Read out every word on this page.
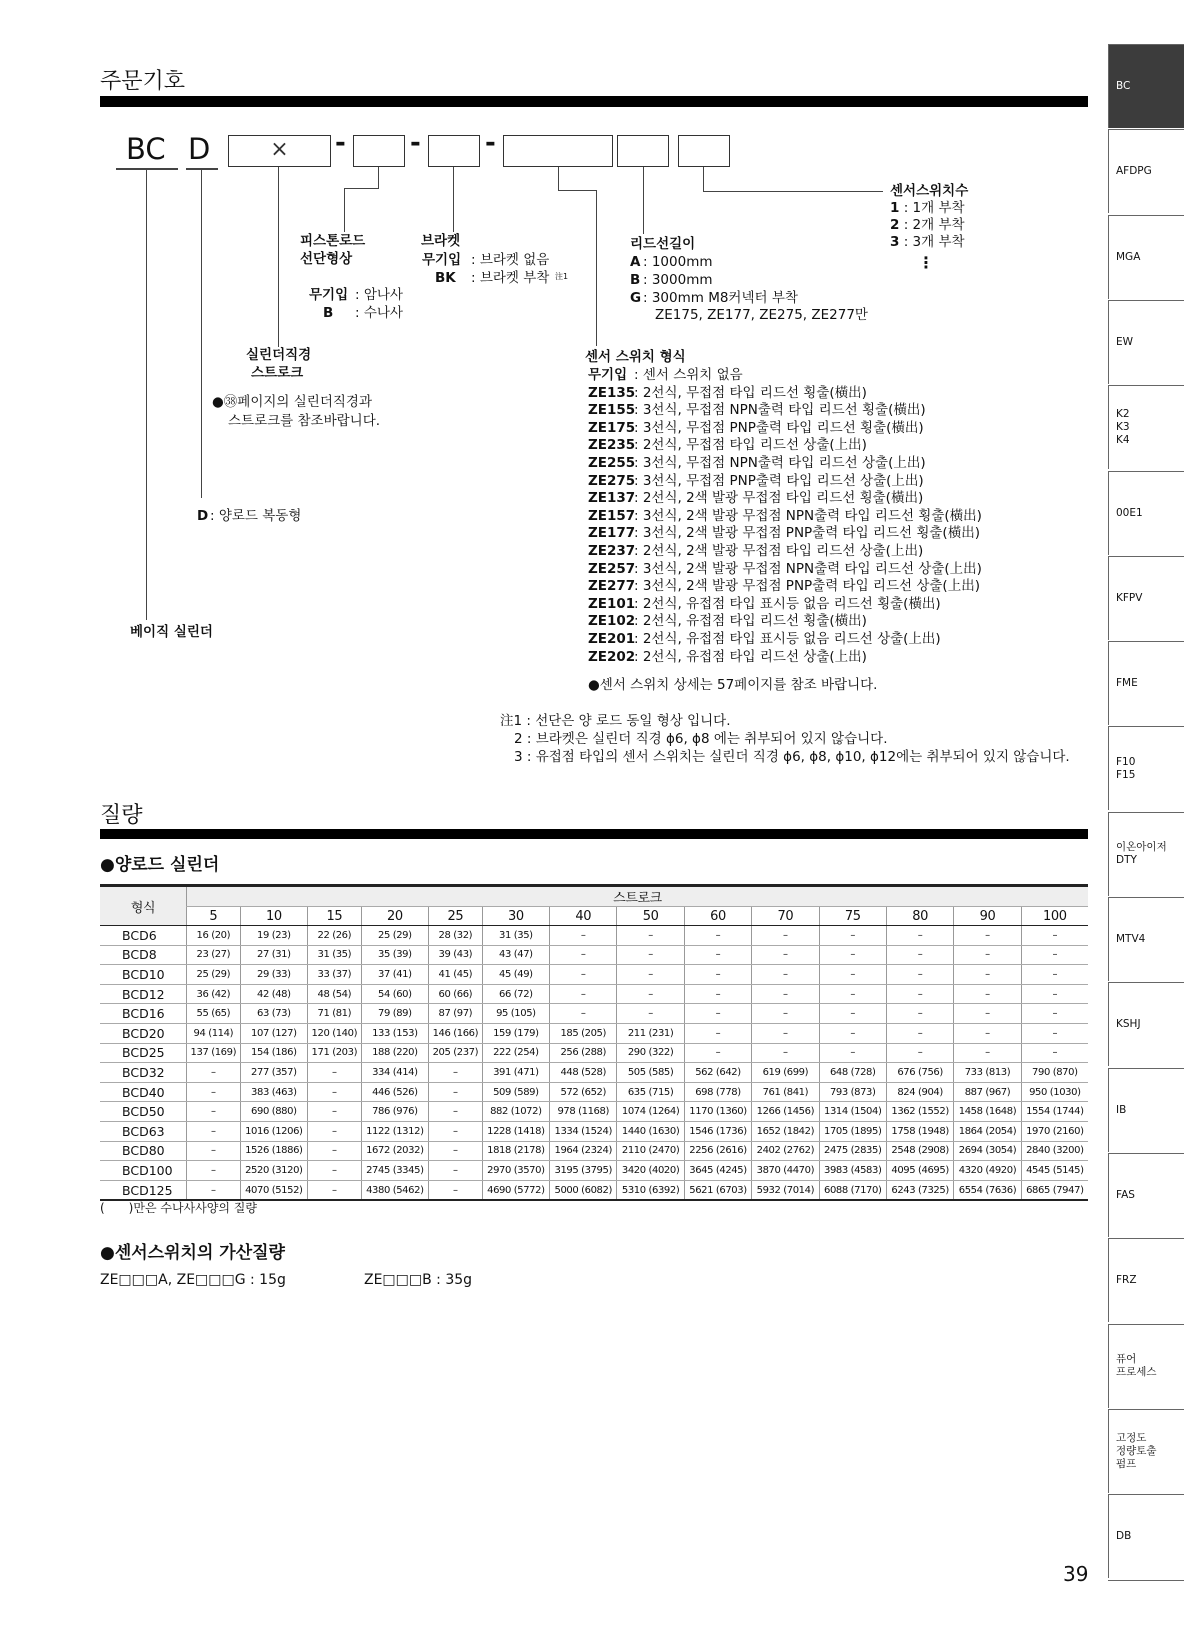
주문기호
BC D	×	- - -
피스톤로드
선단형상
무기입 : 암나사
B : 수나사
브라켓
무기입 : 브라켓 없음
BK : 브라켓 부착 注1
리드선길이
A : 1000mm
B : 3000mm
G : 300mm M8커넥터 부착
ZE175, ZE177, ZE275, ZE277만
센서스위치수
1 : 1개 부착
2 : 2개 부착
3 : 3개 부착
⋮
실린더직경
스트로크
●㊳페이지의 실린더직경과
스트로크를 참조바랍니다.
D : 양로드 복동형
베이직 실린더
센서 스위치 형식
무기입 : 센서 스위치 없음
ZE135: 2선식, 무접점 타입 리드선 횡출(橫出)
ZE155: 3선식, 무접점 NPN출력 타입 리드선 횡출(橫出)
ZE175: 3선식, 무접점 PNP출력 타입 리드선 횡출(橫出)
ZE235: 2선식, 무접점 타입 리드선 상출(上出)
ZE255: 3선식, 무접점 NPN출력 타입 리드선 상출(上出)
ZE275: 3선식, 무접점 PNP출력 타입 리드선 상출(上出)
ZE137: 2선식, 2색 발광 무접점 타입 리드선 횡출(橫出)
ZE157: 3선식, 2색 발광 무접점 NPN출력 타입 리드선 횡출(橫出)
ZE177: 3선식, 2색 발광 무접점 PNP출력 타입 리드선 횡출(橫出)
ZE237: 2선식, 2색 발광 무접점 타입 리드선 상출(上出)
ZE257: 3선식, 2색 발광 무접점 NPN출력 타입 리드선 상출(上出)
ZE277: 3선식, 2색 발광 무접점 PNP출력 타입 리드선 상출(上出)
ZE101: 2선식, 유접점 타입 표시등 없음 리드선 횡출(橫出)
ZE102: 2선식, 유접점 타입 리드선 횡출(橫出)
ZE201: 2선식, 유접점 타입 표시등 없음 리드선 상출(上出)
ZE202: 2선식, 유접점 타입 리드선 상출(上出)
●센서 스위치 상세는 57페이지를 참조 바랍니다.
注1 : 선단은 양 로드 동일 형상 입니다.
2 : 브라켓은 실린더 직경 ϕ6, ϕ8 에는 취부되어 있지 않습니다.
3 : 유접점 타입의 센서 스위치는 실린더 직경 ϕ6, ϕ8, ϕ10, ϕ12에는 취부되어 있지 않습니다.
질량
●양로드 실린더
형식	스트로크													
	5	10	15	20	25	30	40	50	60	70	75	80	90	100
BCD6	16 (20)	19 (23)	22 (26)	25 (29)	28 (32)	31 (35)	–	–	–	–	–	–	–	–
BCD8	23 (27)	27 (31)	31 (35)	35 (39)	39 (43)	43 (47)	–	–	–	–	–	–	–	–
BCD10	25 (29)	29 (33)	33 (37)	37 (41)	41 (45)	45 (49)	–	–	–	–	–	–	–	–
BCD12	36 (42)	42 (48)	48 (54)	54 (60)	60 (66)	66 (72)	–	–	–	–	–	–	–	–
BCD16	55 (65)	63 (73)	71 (81)	79 (89)	87 (97)	95 (105)	–	–	–	–	–	–	–	–
BCD20	94 (114)	107 (127)	120 (140)	133 (153)	146 (166)	159 (179)	185 (205)	211 (231)	–	–	–	–	–	–
BCD25	137 (169)	154 (186)	171 (203)	188 (220)	205 (237)	222 (254)	256 (288)	290 (322)	–	–	–	–	–	–
BCD32	–	277 (357)	–	334 (414)	–	391 (471)	448 (528)	505 (585)	562 (642)	619 (699)	648 (728)	676 (756)	733 (813)	790 (870)
BCD40	–	383 (463)	–	446 (526)	–	509 (589)	572 (652)	635 (715)	698 (778)	761 (841)	793 (873)	824 (904)	887 (967)	950 (1030)
BCD50	–	690 (880)	–	786 (976)	–	882 (1072)	978 (1168)	1074 (1264)	1170 (1360)	1266 (1456)	1314 (1504)	1362 (1552)	1458 (1648)	1554 (1744)
BCD63	–	1016 (1206)	–	1122 (1312)	–	1228 (1418)	1334 (1524)	1440 (1630)	1546 (1736)	1652 (1842)	1705 (1895)	1758 (1948)	1864 (2054)	1970 (2160)
BCD80	–	1526 (1886)	–	1672 (2032)	–	1818 (2178)	1964 (2324)	2110 (2470)	2256 (2616)	2402 (2762)	2475 (2835)	2548 (2908)	2694 (3054)	2840 (3200)
BCD100	–	2520 (3120)	–	2745 (3345)	–	2970 (3570)	3195 (3795)	3420 (4020)	3645 (4245)	3870 (4470)	3983 (4583)	4095 (4695)	4320 (4920)	4545 (5145)
BCD125	–	4070 (5152)	–	4380 (5462)	–	4690 (5772)	5000 (6082)	5310 (6392)	5621 (6703)	5932 (7014)	6088 (7170)	6243 (7325)	6554 (7636)	6865 (7947)
(　　)만은 수나사사양의 질량
●센서스위치의 가산질량
ZE□□□A, ZE□□□G : 15g	ZE□□□B : 35g
39
BC
AFDPG
MGA
EW
K2
K3
K4
00E1
KFPV
FME
F10
F15
이온아이저
DTY
MTV4
KSHJ
IB
FAS
FRZ
퓨어
프로세스
고정도
정량토출
펌프
DB
